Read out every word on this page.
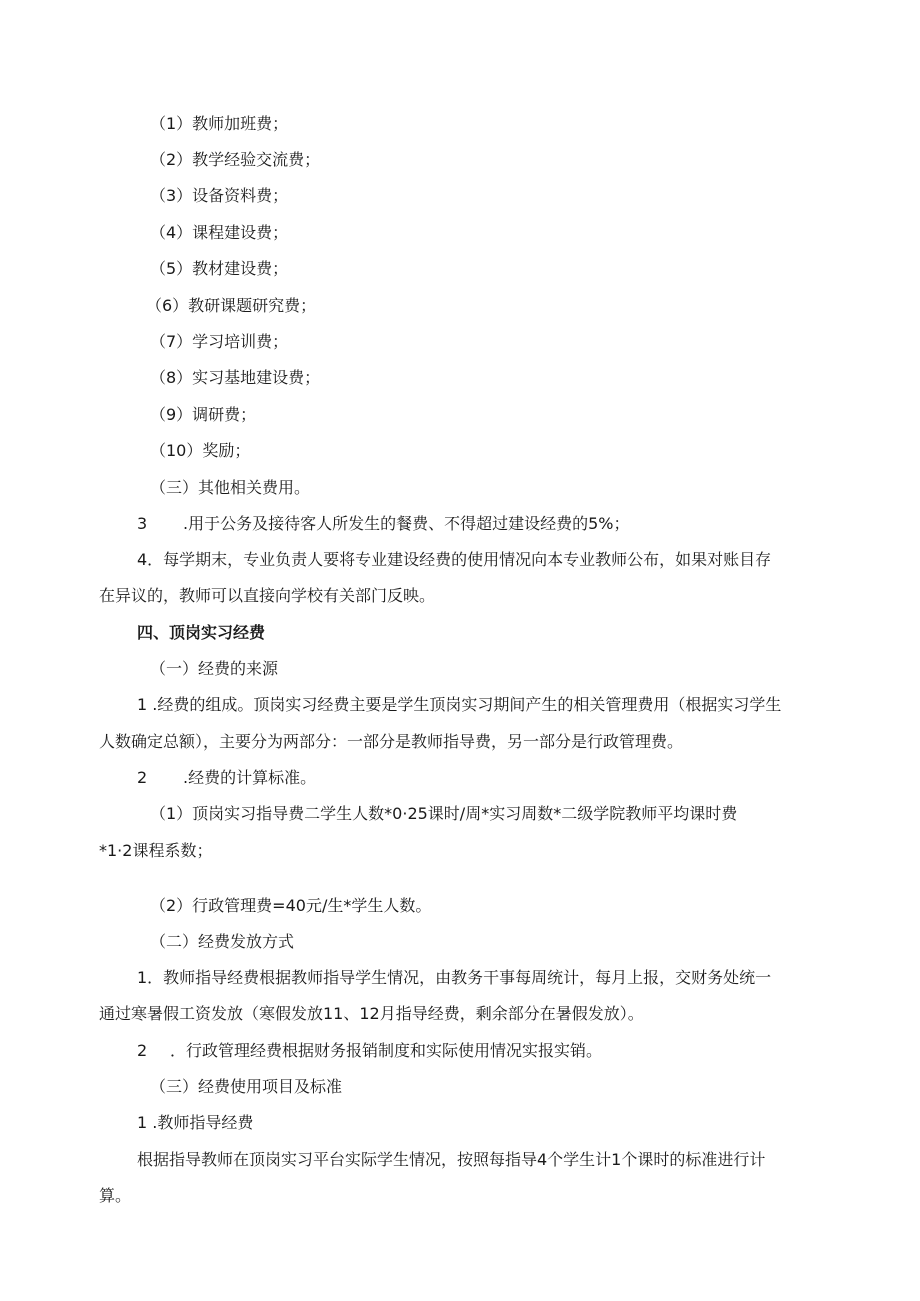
（1）教师加班费；
（2）教学经验交流费；
（3）设备资料费；
（4）课程建设费；
（5）教材建设费；
（6）教研课题研究费；
（7）学习培训费；
（8）实习基地建设费；
（9）调研费；
（10）奖励；
（三）其他相关费用。
3 .用于公务及接待客人所发生的餐费、不得超过建设经费的5%；
4．每学期末，专业负责人要将专业建设经费的使用情况向本专业教师公布，如果对账目存
在异议的，教师可以直接向学校有关部门反映。
四、顶岗实习经费
（一）经费的来源
1 .经费的组成。顶岗实习经费主要是学生顶岗实习期间产生的相关管理费用（根据实习学生
人数确定总额），主要分为两部分：一部分是教师指导费，另一部分是行政管理费。
2 .经费的计算标准。
（1）顶岗实习指导费二学生人数*0·25课时/周*实习周数*二级学院教师平均课时费
*1·2课程系数；
（2）行政管理费=40元/生*学生人数。
（二）经费发放方式
1．教师指导经费根据教师指导学生情况，由教务干事每周统计，每月上报，交财务处统一
通过寒暑假工资发放（寒假发放11、12月指导经费，剩余部分在暑假发放）。
2 ．行政管理经费根据财务报销制度和实际使用情况实报实销。
（三）经费使用项目及标准
1 .教师指导经费
根据指导教师在顶岗实习平台实际学生情况，按照每指导4个学生计1个课时的标准进行计
算。
